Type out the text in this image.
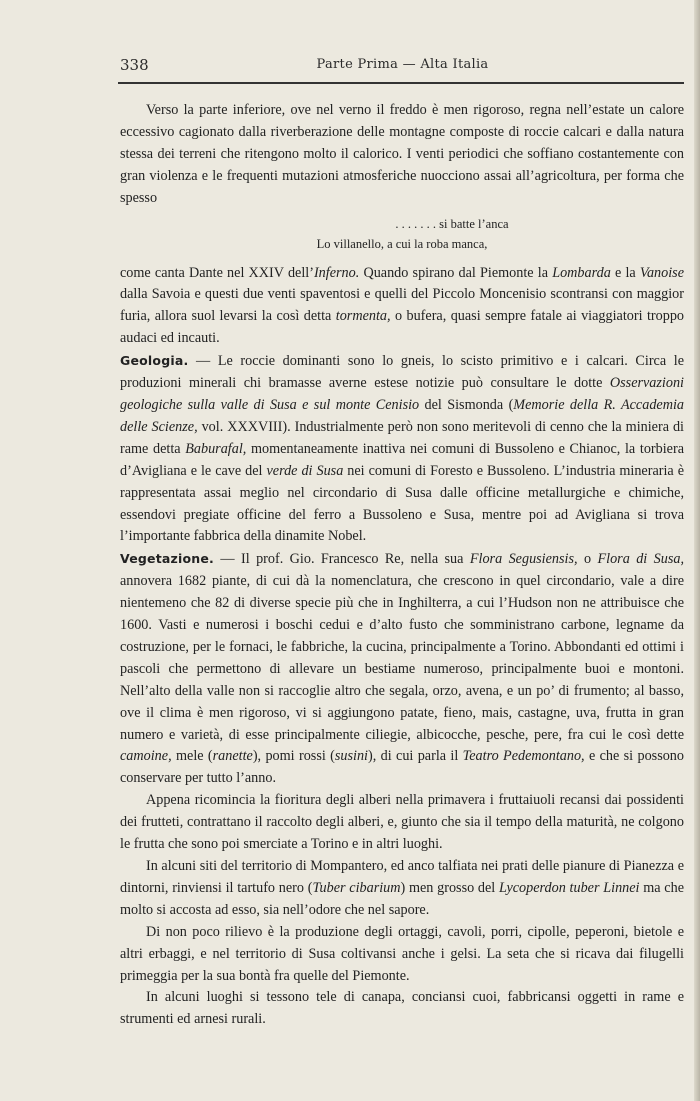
338	Parte Prima — Alta Italia

Verso la parte inferiore, ove nel verno il freddo è men rigoroso, regna nell’estate un calore eccessivo cagionato dalla riverberazione delle montagne composte di roccie calcari e dalla natura stessa dei terreni che ritengono molto il calorico. I venti periodici che soffiano costantemente con gran violenza e le frequenti mutazioni atmosferiche nuocciono assai all’agricoltura, per forma che spesso

. . . . . . . si batte l’anca
Lo villanello, a cui la roba manca,

come canta Dante nel XXIV dell’Inferno. Quando spirano dal Piemonte la Lombarda e la Vanoise dalla Savoia e questi due venti spaventosi e quelli del Piccolo Moncenisio scontransi con maggior furia, allora suol levarsi la così detta tormenta, o bufera, quasi sempre fatale ai viaggiatori troppo audaci ed incauti.

Geologia. — Le roccie dominanti sono lo gneis, lo scisto primitivo e i calcari. Circa le produzioni minerali chi bramasse averne estese notizie può consultare le dotte Osservazioni geologiche sulla valle di Susa e sul monte Cenisio del Sismonda (Memorie della R. Accademia delle Scienze, vol. XXXVIII). Industrialmente però non sono meritevoli di cenno che la miniera di rame detta Baburafal, momentaneamente inattiva nei comuni di Bussoleno e Chianoc, la torbiera d’Avigliana e le cave del verde di Susa nei comuni di Foresto e Bussoleno. L’industria mineraria è rappresentata assai meglio nel circondario di Susa dalle officine metallurgiche e chimiche, essendovi pregiate officine del ferro a Bussoleno e Susa, mentre poi ad Avigliana si trova l’importante fabbrica della dinamite Nobel.

Vegetazione. — Il prof. Gio. Francesco Re, nella sua Flora Segusiensis, o Flora di Susa, annovera 1682 piante, di cui dà la nomenclatura, che crescono in quel circondario, vale a dire nientemeno che 82 di diverse specie più che in Inghilterra, a cui l’Hudson non ne attribuisce che 1600. Vasti e numerosi i boschi cedui e d’alto fusto che somministrano carbone, legname da costruzione, per le fornaci, le fabbriche, la cucina, principalmente a Torino. Abbondanti ed ottimi i pascoli che permettono di allevare un bestiame numeroso, principalmente buoi e montoni. Nell’alto della valle non si raccoglie altro che segala, orzo, avena, e un po’ di frumento; al basso, ove il clima è men rigoroso, vi si aggiungono patate, fieno, mais, castagne, uva, frutta in gran numero e varietà, di esse principalmente ciliegie, albicocche, pesche, pere, fra cui le così dette camoine, mele (ranette), pomi rossi (susini), di cui parla il Teatro Pedemontano, e che si possono conservare per tutto l’anno.

Appena ricomincia la fioritura degli alberi nella primavera i fruttaiuoli recansi dai possidenti dei frutteti, contrattano il raccolto degli alberi, e, giunto che sia il tempo della maturità, ne colgono le frutta che sono poi smerciate a Torino e in altri luoghi.

In alcuni siti del territorio di Mompantero, ed anco talfiata nei prati delle pianure di Pianezza e dintorni, rinviensi il tartufo nero (Tuber cibarium) men grosso del Lycoperdon tuber Linnei ma che molto si accosta ad esso, sia nell’odore che nel sapore.

Di non poco rilievo è la produzione degli ortaggi, cavoli, porri, cipolle, peperoni, bietole e altri erbaggi, e nel territorio di Susa coltivansi anche i gelsi. La seta che si ricava dai filugelli primeggia per la sua bontà fra quelle del Piemonte.

In alcuni luoghi si tessono tele di canapa, conciansi cuoi, fabbricansi oggetti in rame e strumenti ed arnesi rurali.
